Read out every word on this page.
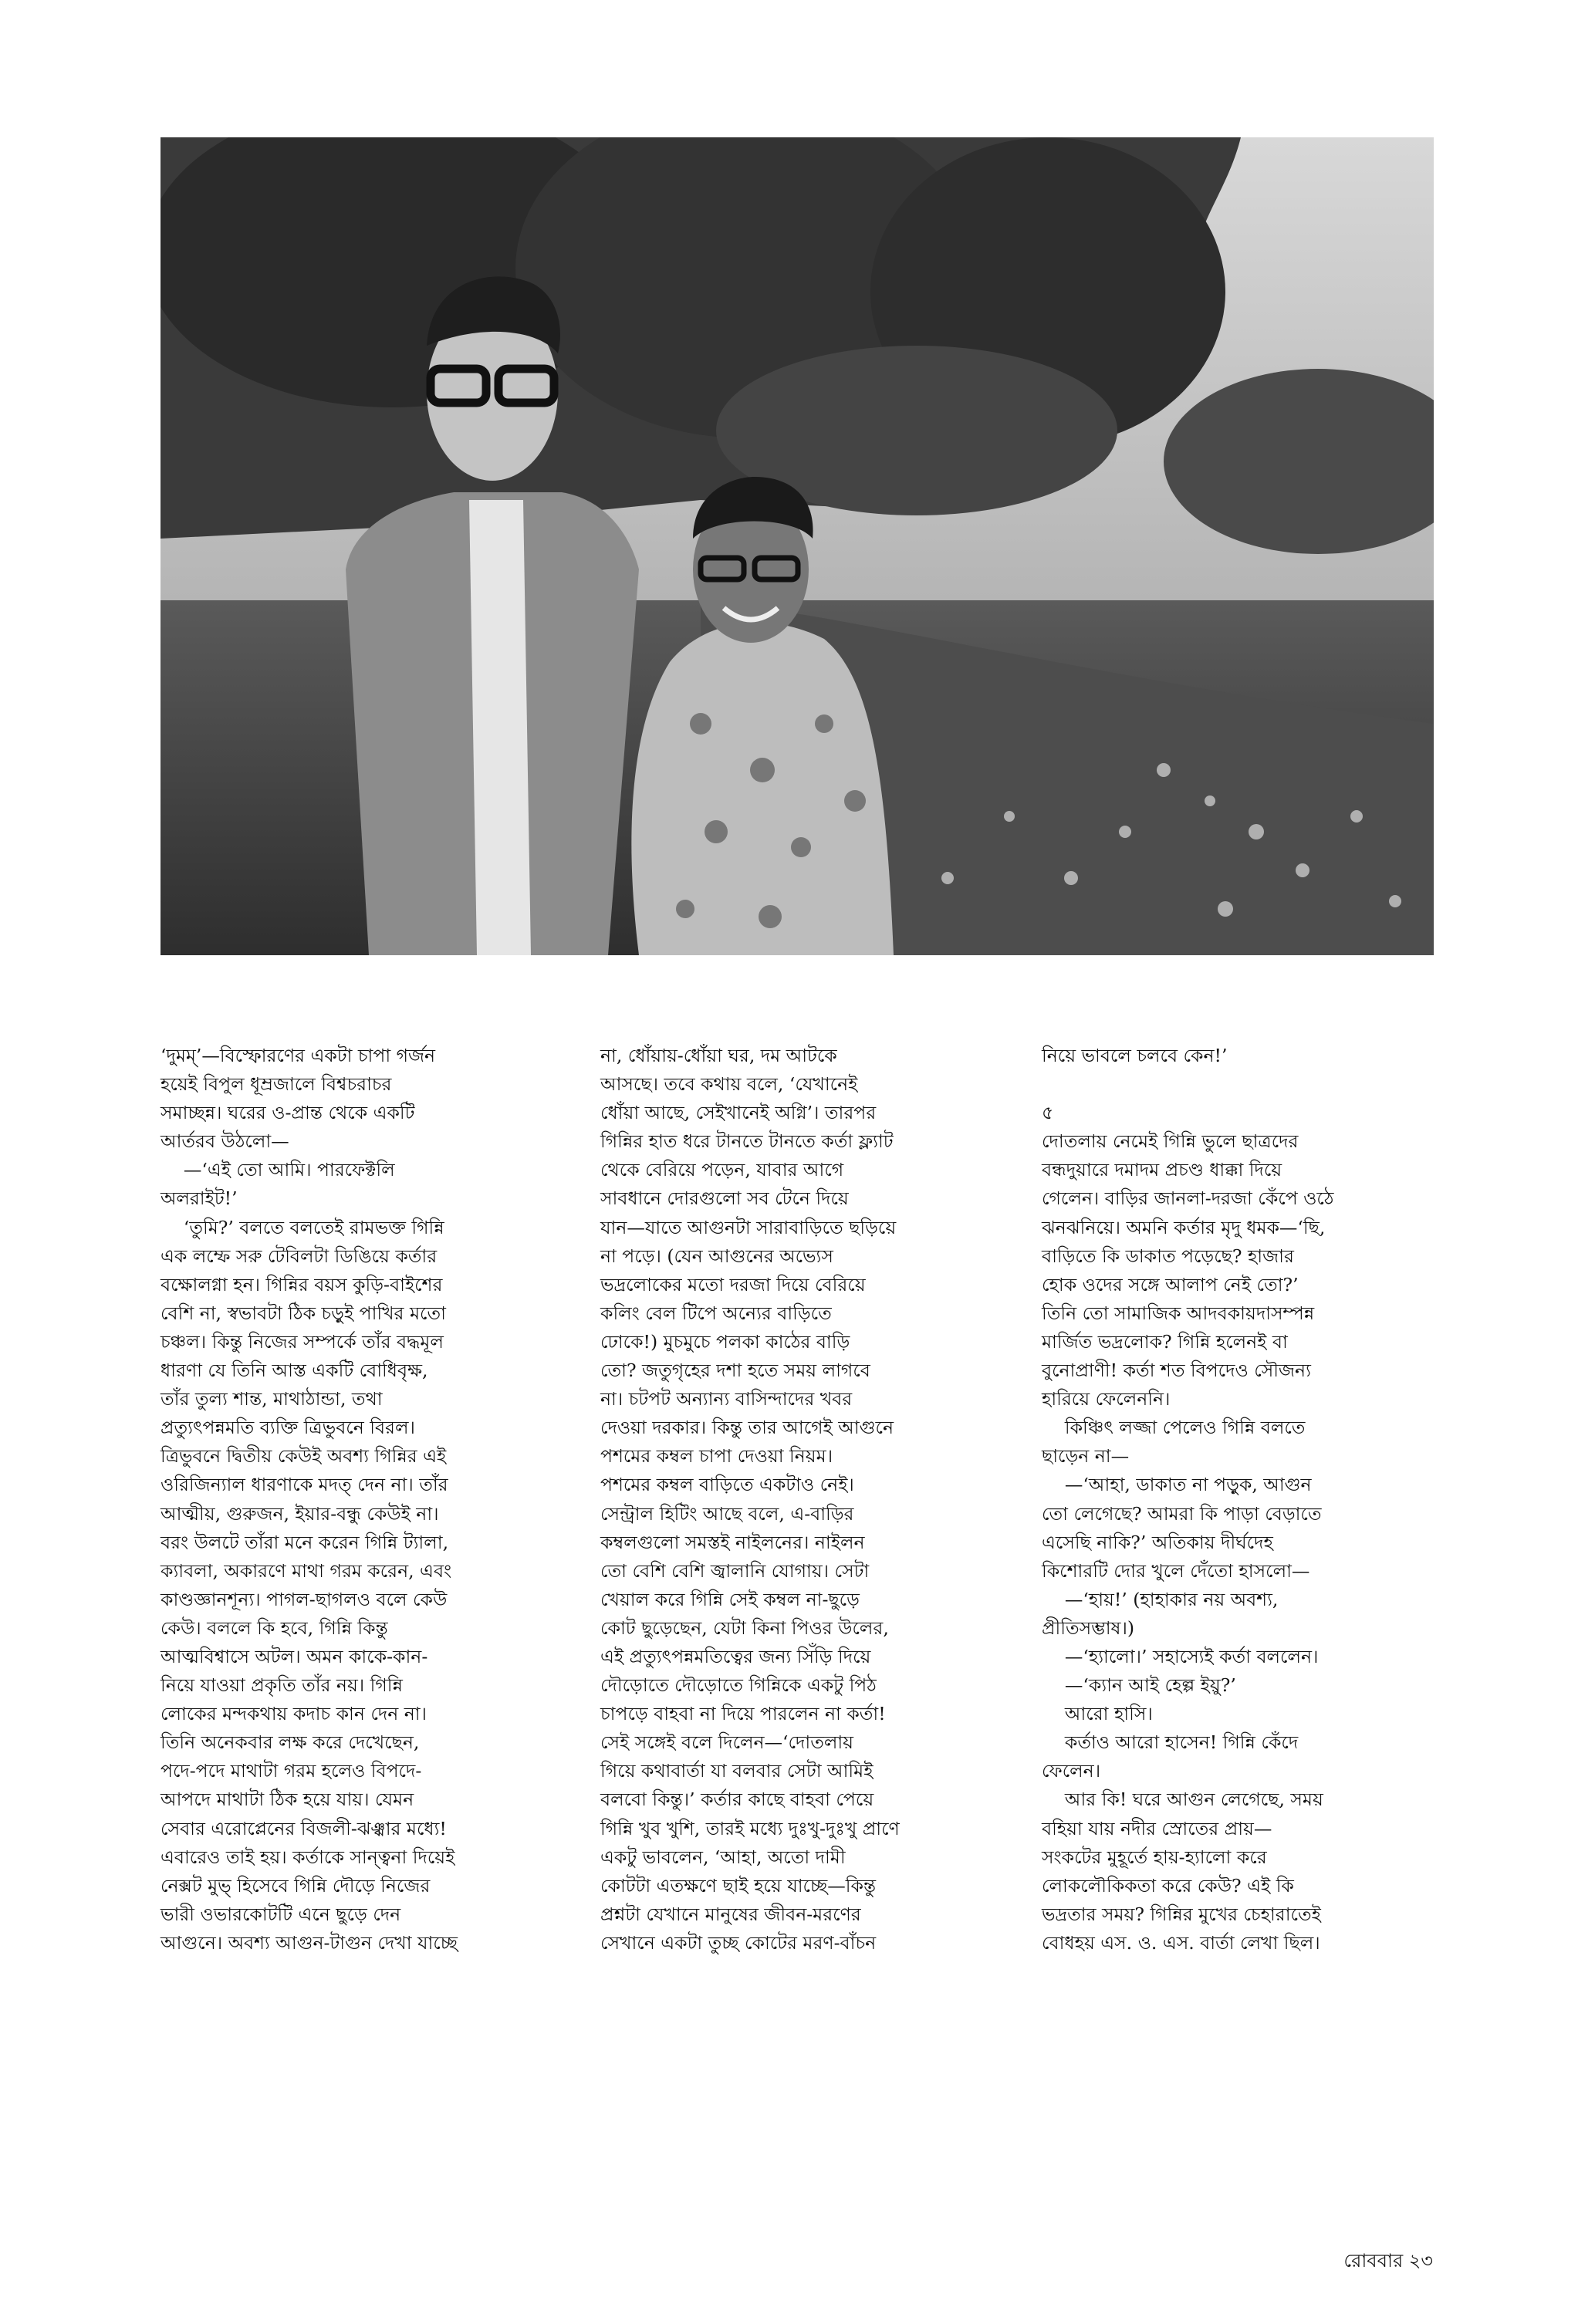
‘দুমম্’—বিস্ফোরণের একটা চাপা গর্জন
হয়েই বিপুল ধূম্রজালে বিশ্বচরাচর
সমাচ্ছন্ন। ঘরের ও-প্রান্ত থেকে একটি
আর্তরব উঠলো—
—‘এই তো আমি। পারফেক্টলি
অলরাইট!’
‘তুমি?’ বলতে বলতেই রামভক্ত গিন্নি
এক লম্ফে সরু টেবিলটা ডিঙিয়ে কর্তার
বক্ষোলগ্না হন। গিন্নির বয়স কুড়ি-বাইশের
বেশি না, স্বভাবটা ঠিক চড়ুই পাখির মতো
চঞ্চল। কিন্তু নিজের সম্পর্কে তাঁর বদ্ধমূল
ধারণা যে তিনি আস্ত একটি বোধিবৃক্ষ,
তাঁর তুল্য শান্ত, মাথাঠান্ডা, তথা
প্রত্যুৎপন্নমতি ব্যক্তি ত্রিভুবনে বিরল।
ত্রিভুবনে দ্বিতীয় কেউই অবশ্য গিন্নির এই
ওরিজিন্যাল ধারণাকে মদত্ দেন না। তাঁর
আত্মীয়, গুরুজন, ইয়ার-বন্ধু কেউই না।
বরং উলটে তাঁরা মনে করেন গিন্নি ট্যালা,
ক্যাবলা, অকারণে মাথা গরম করেন, এবং
কাণ্ডজ্ঞানশূন্য। পাগল-ছাগলও বলে কেউ
কেউ। বললে কি হবে, গিন্নি কিন্তু
আত্মবিশ্বাসে অটল। অমন কাকে-কান-
নিয়ে যাওয়া প্রকৃতি তাঁর নয়। গিন্নি
লোকের মন্দকথায় কদাচ কান দেন না।
তিনি অনেকবার লক্ষ করে দেখেছেন,
পদে-পদে মাথাটা গরম হলেও বিপদে-
আপদে মাথাটা ঠিক হয়ে যায়। যেমন
সেবার এরোপ্লেনের বিজলী-ঝঞ্ঝার মধ্যে!
এবারেও তাই হয়। কর্তাকে সান্ত্বনা দিয়েই
নেক্সট মুভ্ হিসেবে গিন্নি দৌড়ে নিজের
ভারী ওভারকোটটি এনে ছুড়ে দেন
আগুনে। অবশ্য আগুন-টাগুন দেখা যাচ্ছে
না, ধোঁয়ায়-ধোঁয়া ঘর, দম আটকে
আসছে। তবে কথায় বলে, ‘যেখানেই
ধোঁয়া আছে, সেইখানেই অগ্নি’। তারপর
গিন্নির হাত ধরে টানতে টানতে কর্তা ফ্ল্যাট
থেকে বেরিয়ে পড়েন, যাবার আগে
সাবধানে দোরগুলো সব টেনে দিয়ে
যান—যাতে আগুনটা সারাবাড়িতে ছড়িয়ে
না পড়ে। (যেন আগুনের অভ্যেস
ভদ্রলোকের মতো দরজা দিয়ে বেরিয়ে
কলিং বেল টিপে অন্যের বাড়িতে
ঢোকে!) মুচমুচে পলকা কাঠের বাড়ি
তো? জতুগৃহের দশা হতে সময় লাগবে
না। চটপট অন্যান্য বাসিন্দাদের খবর
দেওয়া দরকার। কিন্তু তার আগেই আগুনে
পশমের কম্বল চাপা দেওয়া নিয়ম।
পশমের কম্বল বাড়িতে একটাও নেই।
সেন্ট্রাল হিটিং আছে বলে, এ-বাড়ির
কম্বলগুলো সমস্তই নাইলনের। নাইলন
তো বেশি বেশি জ্বালানি যোগায়। সেটা
খেয়াল করে গিন্নি সেই কম্বল না-ছুড়ে
কোট ছুড়েছেন, যেটা কিনা পিওর উলের,
এই প্রত্যুৎপন্নমতিত্বের জন্য সিঁড়ি দিয়ে
দৌড়োতে দৌড়োতে গিন্নিকে একটু পিঠ
চাপড়ে বাহবা না দিয়ে পারলেন না কর্তা!
সেই সঙ্গেই বলে দিলেন—‘দোতলায়
গিয়ে কথাবার্তা যা বলবার সেটা আমিই
বলবো কিন্তু।’ কর্তার কাছে বাহবা পেয়ে
গিন্নি খুব খুশি, তারই মধ্যে দুঃখু-দুঃখু প্রাণে
একটু ভাবলেন, ‘আহা, অতো দামী
কোটটা এতক্ষণে ছাই হয়ে যাচ্ছে—কিন্তু
প্রশ্নটা যেখানে মানুষের জীবন-মরণের
সেখানে একটা তুচ্ছ কোটের মরণ-বাঁচন
নিয়ে ভাবলে চলবে কেন!’

৫
দোতলায় নেমেই গিন্নি ভুলে ছাত্রদের
বন্ধদুয়ারে দমাদম প্রচণ্ড ধাক্কা দিয়ে
গেলেন। বাড়ির জানলা-দরজা কেঁপে ওঠে
ঝনঝনিয়ে। অমনি কর্তার মৃদু ধমক—‘ছি,
বাড়িতে কি ডাকাত পড়েছে? হাজার
হোক ওদের সঙ্গে আলাপ নেই তো?’
তিনি তো সামাজিক আদবকায়দাসম্পন্ন
মার্জিত ভদ্রলোক? গিন্নি হলেনই বা
বুনোপ্রাণী! কর্তা শত বিপদেও সৌজন্য
হারিয়ে ফেলেননি।
কিঞ্চিৎ লজ্জা পেলেও গিন্নি বলতে
ছাড়েন না—
—‘আহা, ডাকাত না পড়ুক, আগুন
তো লেগেছে? আমরা কি পাড়া বেড়াতে
এসেছি নাকি?’ অতিকায় দীর্ঘদেহ
কিশোরটি দোর খুলে দেঁতো হাসলো—
—‘হায়!’ (হাহাকার নয় অবশ্য,
প্রীতিসম্ভাষ।)
—‘হ্যালো।’ সহাস্যেই কর্তা বললেন।
—‘ক্যান আই হেল্প ইয়ু?’
আরো হাসি।
কর্তাও আরো হাসেন! গিন্নি কেঁদে
ফেলেন।
আর কি! ঘরে আগুন লেগেছে, সময়
বহিয়া যায় নদীর স্রোতের প্রায়—
সংকটের মুহূর্তে হায়-হ্যালো করে
লোকলৌকিকতা করে কেউ? এই কি
ভদ্রতার সময়? গিন্নির মুখের চেহারাতেই
বোধহয় এস. ও. এস. বার্তা লেখা ছিল।
রোববার ২৩
